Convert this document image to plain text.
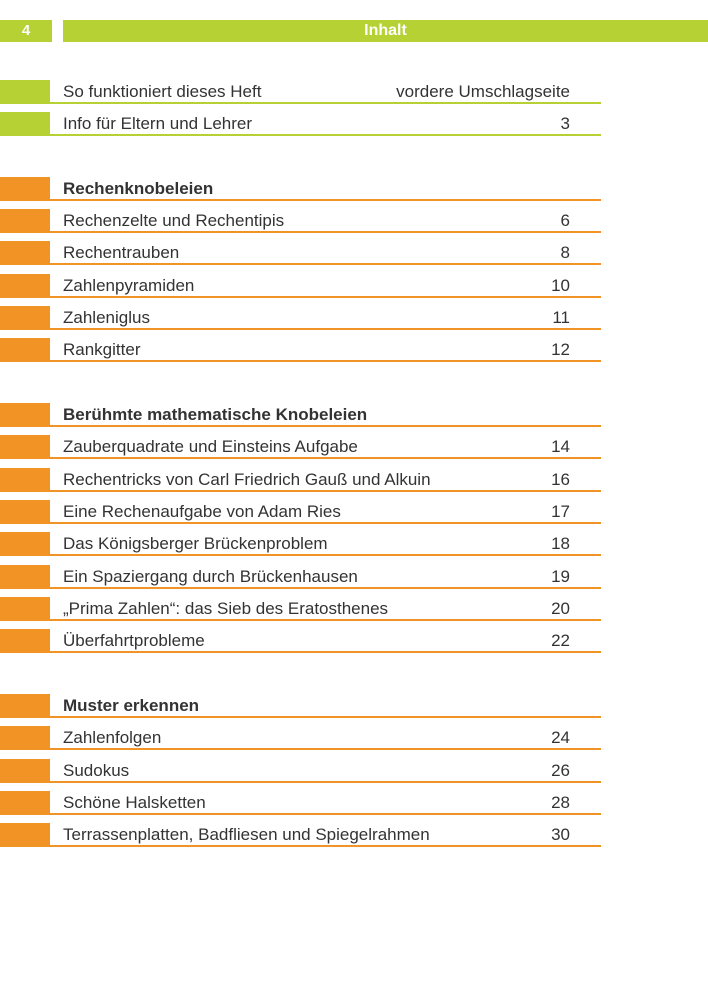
4	Inhalt
So funktioniert dieses Heft	vordere Umschlagseite
Info für Eltern und Lehrer	3
Rechenknobeleien
Rechenzelte und Rechentipis	6
Rechentrauben	8
Zahlenpyramiden	10
Zahleniglus	11
Rankgitter	12
Berühmte mathematische Knobeleien
Zauberquadrate und Einsteins Aufgabe	14
Rechentricks von Carl Friedrich Gauß und Alkuin	16
Eine Rechenaufgabe von Adam Ries	17
Das Königsberger Brückenproblem	18
Ein Spaziergang durch Brückenhausen	19
„Prima Zahlen“: das Sieb des Eratosthenes	20
Überfahrtprobleme	22
Muster erkennen
Zahlenfolgen	24
Sudokus	26
Schöne Halsketten	28
Terrassenplatten, Badfliesen und Spiegelrahmen	30
